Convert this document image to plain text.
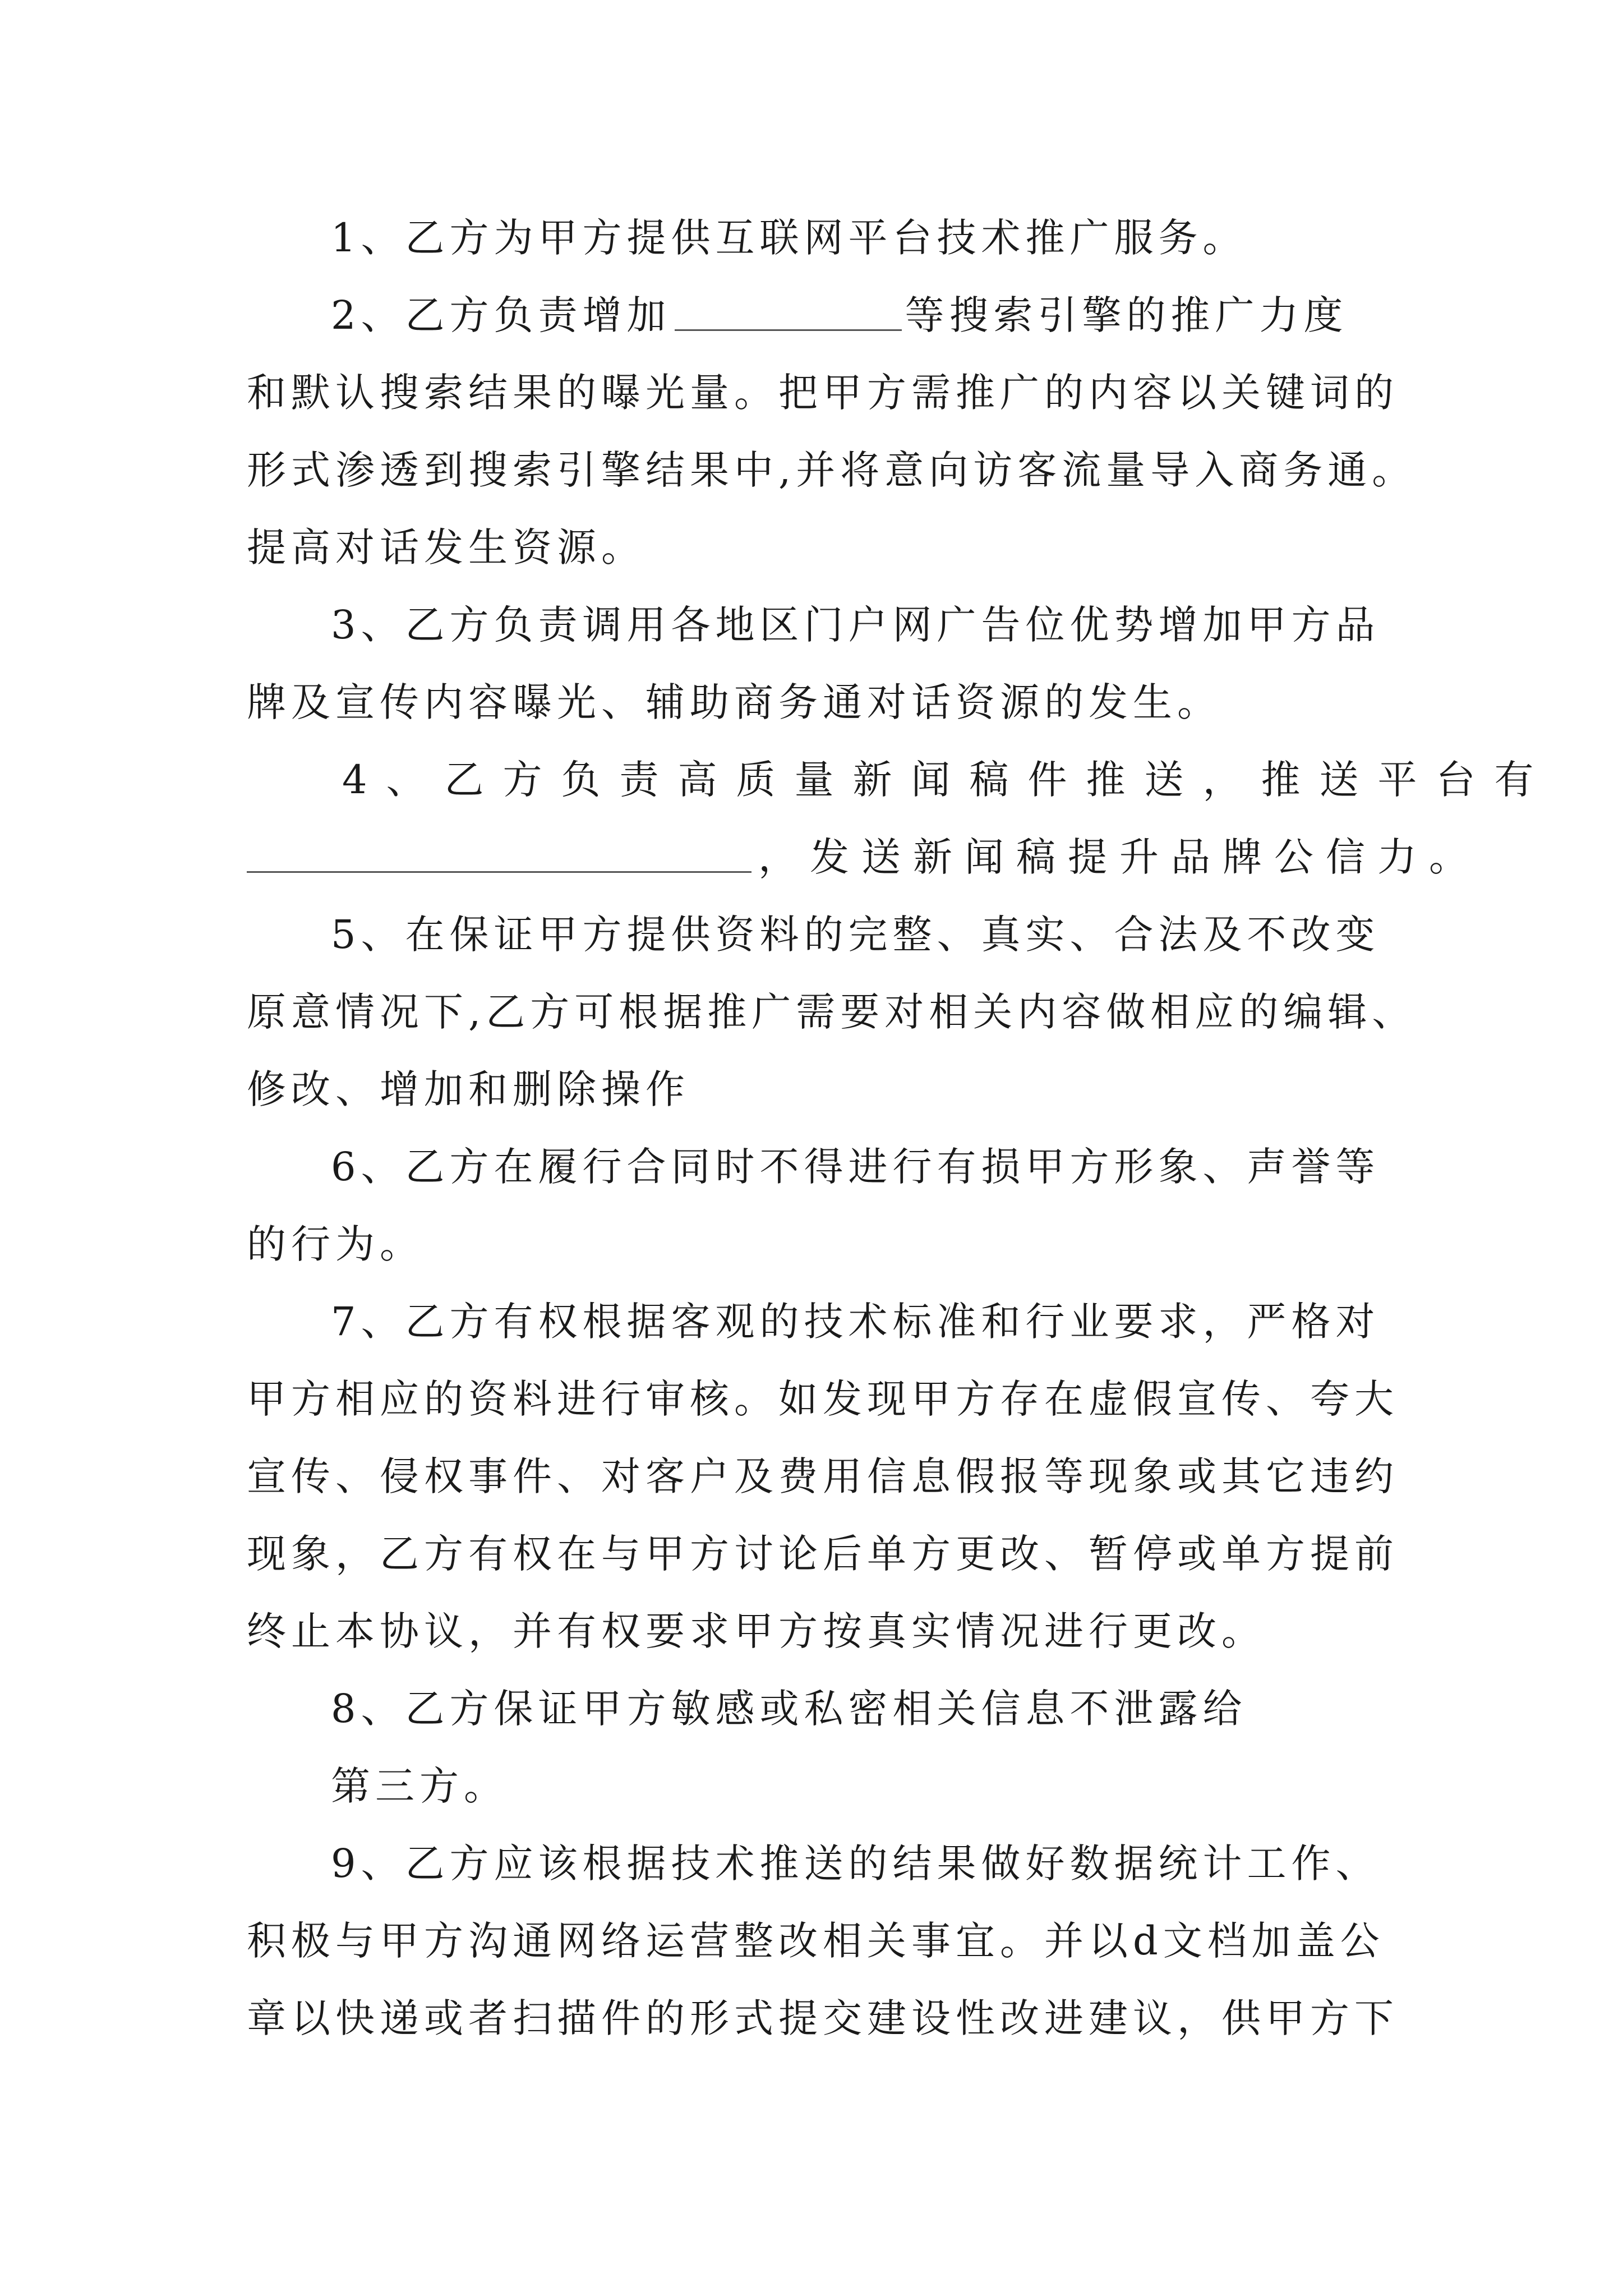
1、乙方为甲方提供互联网平台技术推广服务。
2、乙方负责增加	等搜索引擎的推广力度
和默认搜索结果的曝光量。把甲方需推广的内容以关键词的
形式渗透到搜索引擎结果中,并将意向访客流量导入商务通。
提高对话发生资源。
3、乙方负责调用各地区门户网广告位优势增加甲方品
牌及宣传内容曝光、辅助商务通对话资源的发生。
4、乙方负责高质量新闻稿件推送，推送平台有
，发送新闻稿提升品牌公信力。
5、在保证甲方提供资料的完整、真实、合法及不改变
原意情况下,乙方可根据推广需要对相关内容做相应的编辑、
修改、增加和删除操作
6、乙方在履行合同时不得进行有损甲方形象、声誉等
的行为。
7、乙方有权根据客观的技术标准和行业要求，严格对
甲方相应的资料进行审核。如发现甲方存在虚假宣传、夸大
宣传、侵权事件、对客户及费用信息假报等现象或其它违约
现象，乙方有权在与甲方讨论后单方更改、暂停或单方提前
终止本协议，并有权要求甲方按真实情况进行更改。
8、乙方保证甲方敏感或私密相关信息不泄露给
第三方。
9、乙方应该根据技术推送的结果做好数据统计工作、
积极与甲方沟通网络运营整改相关事宜。并以d文档加盖公
章以快递或者扫描件的形式提交建设性改进建议，供甲方下
